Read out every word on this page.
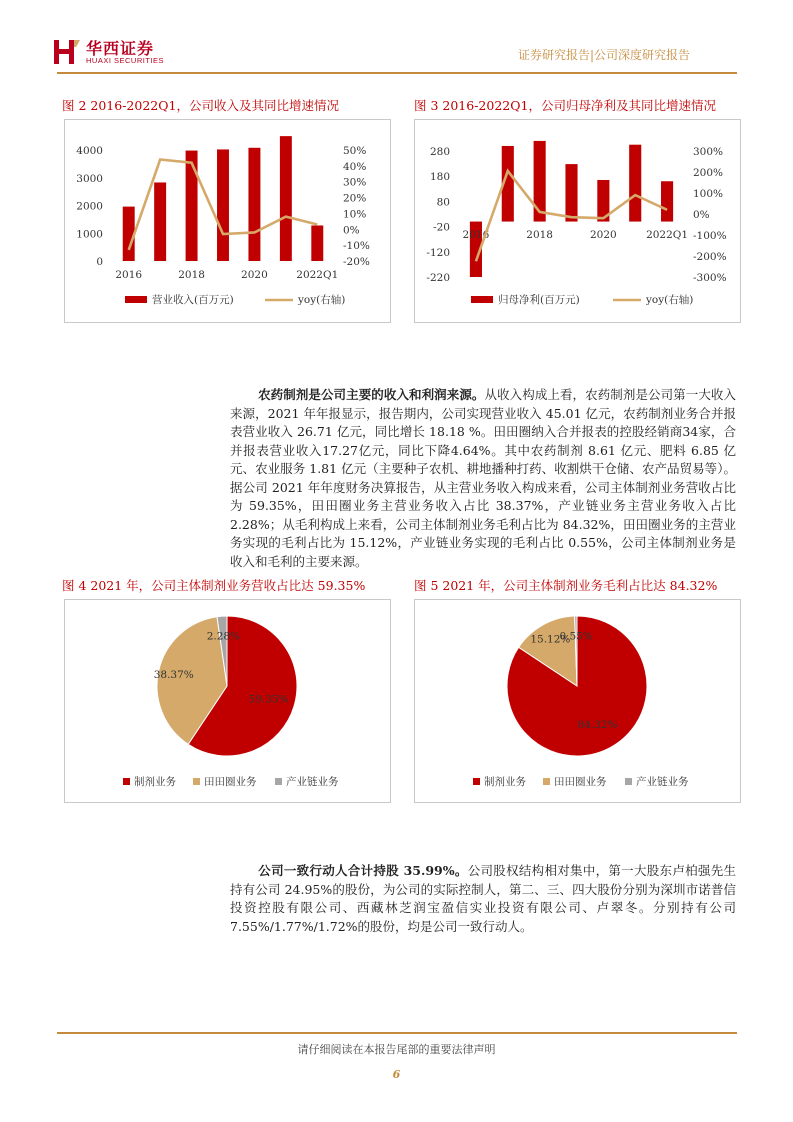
华西证券
HUAXI SECURITIES	证券研究报告|公司深度研究报告
图 2 2016-2022Q1，公司收入及其同比增速情况	图 3 2016-2022Q1，公司归母净利及其同比增速情况
4000
3000
2000
1000
0
50%
40%
30%
20%
10%
0%
-10%
-20%
2016	2018	2020	2022Q1
营业收入(百万元)	yoy(右轴)
280
180
80
-20
-120
-220
300%
200%
100%
0%
-100%
-200%
-300%
2016	2018	2020	2022Q1
归母净利(百万元)	yoy(右轴)
农药制剂是公司主要的收入和利润来源。从收入构成上看，农药制剂是公司第一大收入来源，2021 年年报显示，报告期内，公司实现营业收入 45.01 亿元，农药制剂业务合并报表营业收入 26.71 亿元，同比增长 18.18 %。田田圈纳入合并报表的控股经销商34家，合并报表营业收入17.27亿元，同比下降4.64%。其中农药制剂 8.61 亿元、肥料 6.85 亿元、农业服务 1.81 亿元（主要种子农机、耕地播种打药、收割烘干仓储、农产品贸易等）。据公司 2021 年年度财务决算报告，从主营业务收入构成来看，公司主体制剂业务营收占比为 59.35%，田田圈业务主营业务收入占比 38.37%，产业链业务主营业务收入占比 2.28%；从毛利构成上来看，公司主体制剂业务毛利占比为 84.32%，田田圈业务的主营业务实现的毛利占比为 15.12%，产业链业务实现的毛利占比 0.55%，公司主体制剂业务是收入和毛利的主要来源。
图 4 2021 年，公司主体制剂业务营收占比达 59.35%	图 5 2021 年，公司主体制剂业务毛利占比达 84.32%
59.35%
38.37%
2.28%
制剂业务	田田圈业务	产业链业务
84.32%
15.12%
0.55%
制剂业务	田田圈业务	产业链业务
公司一致行动人合计持股 35.99%。公司股权结构相对集中，第一大股东卢柏强先生持有公司 24.95%的股份，为公司的实际控制人，第二、三、四大股份分别为深圳市诺普信投资控股有限公司、西藏林芝润宝盈信实业投资有限公司、卢翠冬。分别持有公司 7.55%/1.77%/1.72%的股份，均是公司一致行动人。
请仔细阅读在本报告尾部的重要法律声明
6
